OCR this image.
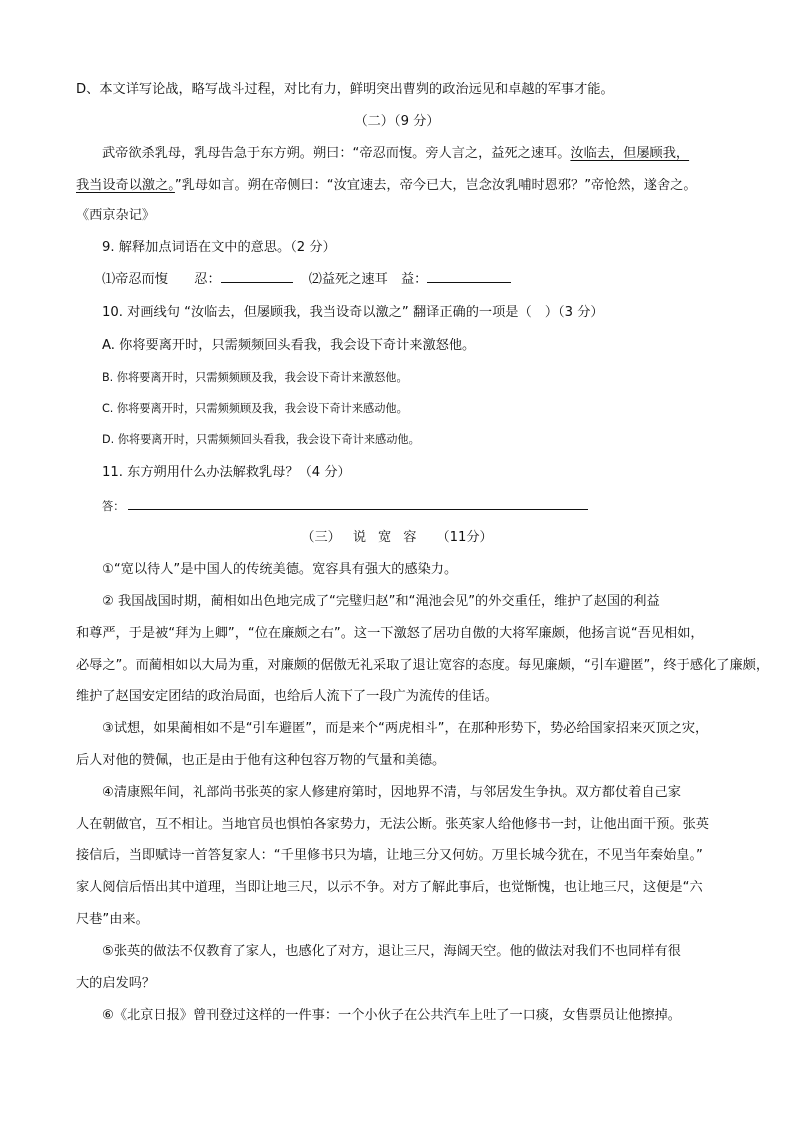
D、本文详写论战，略写战斗过程，对比有力，鲜明突出曹刿的政治远见和卓越的军事才能。
（二）（9 分）
武帝欲杀乳母，乳母告急于东方朔。朔曰：“帝忍而愎。旁人言之，益死之速耳。汝临去，但屡顾我，
我当设奇以激之。”乳母如言。朔在帝侧曰：“汝宜速去，帝今已大，岂念汝乳哺时恩邪？”帝怆然，遂舍之。
《西京杂记》
9. 解释加点词语在文中的意思。（2 分）
⑴帝忍而愎　　忍：	⑵益死之速耳　益：
10. 对画线句 “汝临去，但屡顾我，我当设奇以激之” 翻译正确的一项是（　）（3 分）
A. 你将要离开时，只需频频回头看我，我会设下奇计来激怒他。
B. 你将要离开时，只需频频顾及我，我会设下奇计来激怒他。
C. 你将要离开时，只需频频顾及我，我会设下奇计来感动他。
D. 你将要离开时，只需频频回头看我，我会设下奇计来感动他。
11. 东方朔用什么办法解救乳母？（4 分）
答：
（三） 说 宽 容 （11分）
①“宽以待人”是中国人的传统美德。宽容具有强大的感染力。
② 我国战国时期，蔺相如出色地完成了“完璧归赵”和“渑池会见”的外交重任，维护了赵国的利益
和尊严，于是被“拜为上卿”，“位在廉颇之右”。这一下激怒了居功自傲的大将军廉颇，他扬言说“吾见相如，
必辱之”。而蔺相如以大局为重，对廉颇的倨傲无礼采取了退让宽容的态度。每见廉颇，“引车避匿”，终于感化了廉颇，
维护了赵国安定团结的政治局面，也给后人流下了一段广为流传的佳话。
③试想，如果蔺相如不是“引车避匿”，而是来个“两虎相斗”，在那种形势下，势必给国家招来灭顶之灾，
后人对他的赞佩，也正是由于他有这种包容万物的气量和美德。
④清康熙年间，礼部尚书张英的家人修建府第时，因地界不清，与邻居发生争执。双方都仗着自己家
人在朝做官，互不相让。当地官员也惧怕各家势力，无法公断。张英家人给他修书一封，让他出面干预。张英
接信后，当即赋诗一首答复家人：“千里修书只为墙，让地三分又何妨。万里长城今犹在，不见当年秦始皇。”
家人阅信后悟出其中道理，当即让地三尺，以示不争。对方了解此事后，也觉惭愧，也让地三尺，这便是“六
尺巷”由来。
⑤张英的做法不仅教育了家人，也感化了对方，退让三尺，海阔天空。他的做法对我们不也同样有很
大的启发吗？
⑥《北京日报》曾刊登过这样的一件事：一个小伙子在公共汽车上吐了一口痰，女售票员让他擦掉。
